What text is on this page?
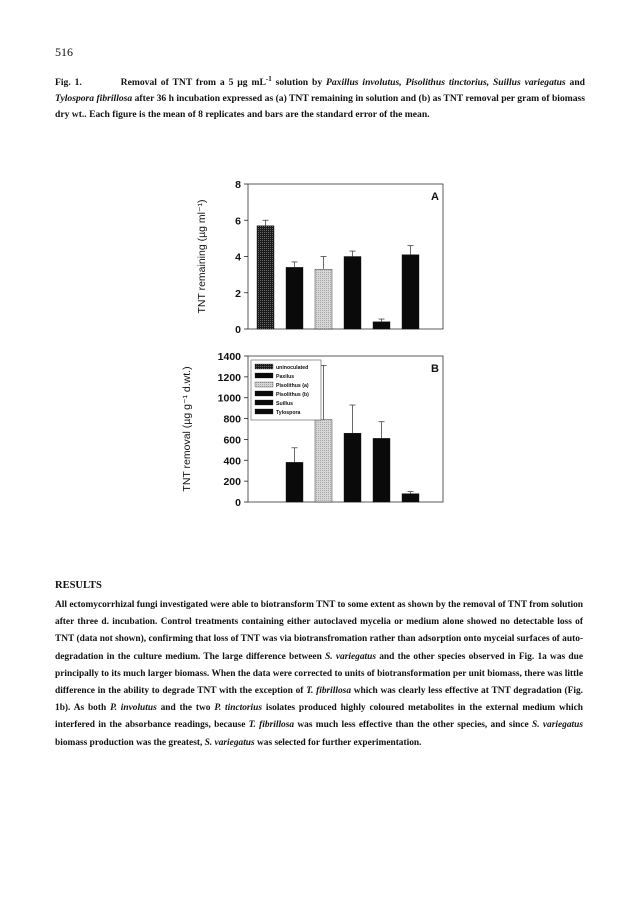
516
Fig. 1.	Removal of TNT from a 5 µg $mL^{-1}$ solution by Paxillus involutus, Pisolithus tinctorius, Suillus variegatus and Tylospora fibrillosa after 36 h incubation expressed as (a) TNT remaining in solution and (b) as TNT removal per gram of biomass dry wt.. Each figure is the mean of 8 replicates and bars are the standard error of the mean.
0
2
4
6
8
TNT remaining (µg ml⁻¹)
A
0
200
400
600
800
1000
1200
1400
TNT removal (µg g⁻¹ d.wt.)	B
uninoculated
Paxilus
Pisolithus (a)
Pisolithus (b)
Suillus
Tylospora
RESULTS

All ectomycorrhizal fungi investigated were able to biotransform TNT to some extent as shown by the removal of TNT from solution after three d. incubation. Control treatments containing either autoclaved mycelia or medium alone showed no detectable loss of TNT (data not shown), confirming that loss of TNT was via biotransfromation rather than adsorption onto myceial surfaces of auto-degradation in the culture medium. The large difference between S. variegatus and the other species observed in Fig. 1a was due principally to its much larger biomass. When the data were corrected to units of biotransformation per unit biomass, there was little difference in the ability to degrade TNT with the exception of T. fibrillosa which was clearly less effective at TNT degradation (Fig. 1b). As both P. involutus and the two P. tinctorius isolates produced highly coloured metabolites in the external medium which interfered in the absorbance readings, because T. fibrillosa was much less effective than the other species, and since S. variegatus biomass production was the greatest, S. variegatus was selected for further experimentation.
